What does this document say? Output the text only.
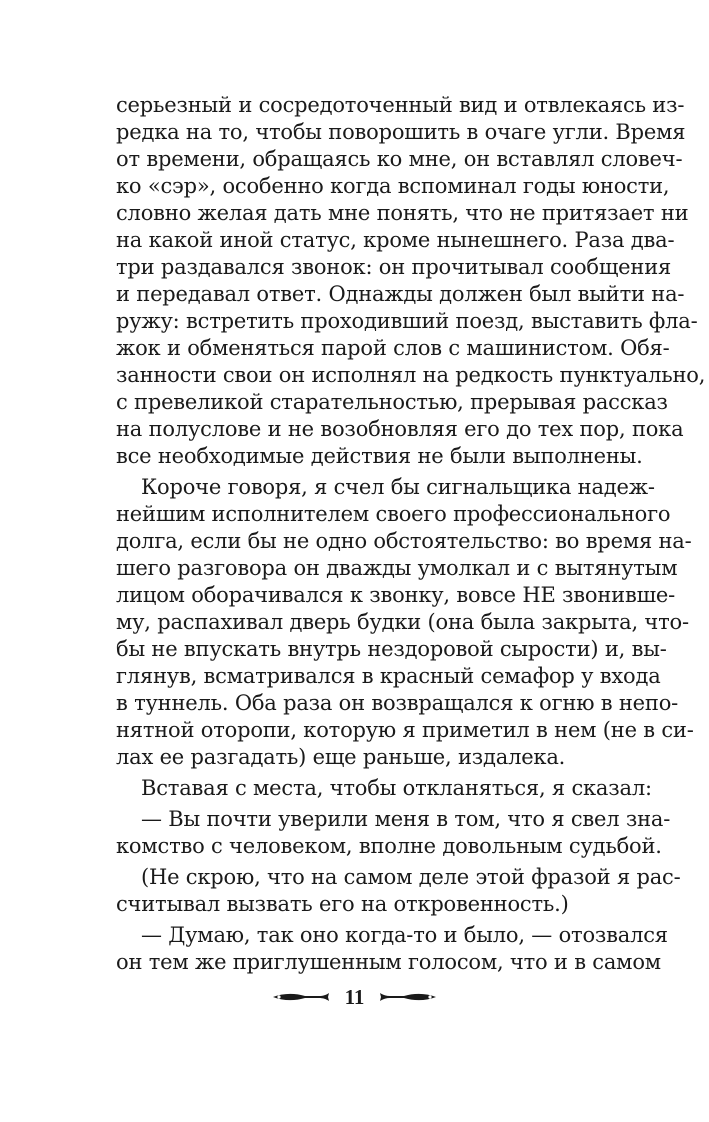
серьезный и сосредоточенный вид и отвлекаясь из-
редка на то, чтобы поворошить в очаге угли. Время
от времени, обращаясь ко мне, он вставлял словеч-
ко «сэр», особенно когда вспоминал годы юности,
словно желая дать мне понять, что не притязает ни
на какой иной статус, кроме нынешнего. Раза два-
три раздавался звонок: он прочитывал сообщения
и передавал ответ. Однажды должен был выйти на-
ружу: встретить проходивший поезд, выставить фла-
жок и обменяться парой слов с машинистом. Обя-
занности свои он исполнял на редкость пунктуально,
с превеликой старательностью, прерывая рассказ
на полуслове и не возобновляя его до тех пор, пока
все необходимые действия не были выполнены.
Короче говоря, я счел бы сигнальщика надеж-
нейшим исполнителем своего профессионального
долга, если бы не одно обстоятельство: во время на-
шего разговора он дважды умолкал и с вытянутым
лицом оборачивался к звонку, вовсе НЕ звонивше-
му, распахивал дверь будки (она была закрыта, что-
бы не впускать внутрь нездоровой сырости) и, вы-
глянув, всматривался в красный семафор у входа
в туннель. Оба раза он возвращался к огню в непо-
нятной оторопи, которую я приметил в нем (не в си-
лах ее разгадать) еще раньше, издалека.
Вставая с места, чтобы откланяться, я сказал:
— Вы почти уверили меня в том, что я свел зна-
комство с человеком, вполне довольным судьбой.
(Не скрою, что на самом деле этой фразой я рас-
считывал вызвать его на откровенность.)
— Думаю, так оно когда-то и было, — отозвался
он тем же приглушенным голосом, что и в самом
11
